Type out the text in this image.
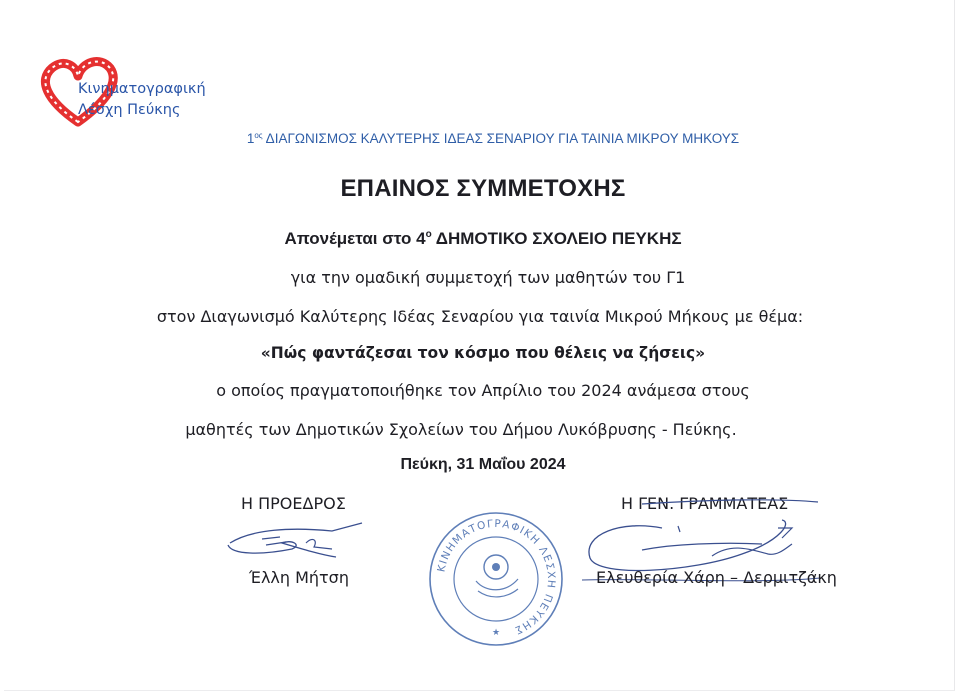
Κινηματογραφική
Λέσχη Πεύκης
$1^{o\varsigma}$ ΔΙΑΓΩΝΙΣΜΟΣ ΚΑΛΥΤΕΡΗΣ ΙΔΕΑΣ ΣΕΝΑΡΙΟΥ ΓΙΑ ΤΑΙΝΙΑ ΜΙΚΡΟΥ ΜΗΚΟΥΣ
ΕΠΑΙΝΟΣ ΣΥΜΜΕΤΟΧΗΣ
Απονέμεται στο $4^o$ ΔΗΜΟΤΙΚΟ ΣΧΟΛΕΙΟ ΠΕΥΚΗΣ
για την ομαδική συμμετοχή των μαθητών του Γ1
στον Διαγωνισμό Καλύτερης Ιδέας Σεναρίου για ταινία Μικρού Μήκους με θέμα:
«Πώς φαντάζεσαι τον κόσμο που θέλεις να ζήσεις»
ο οποίος πραγματοποιήθηκε τον Απρίλιο του 2024 ανάμεσα στους
μαθητές των Δημοτικών Σχολείων του Δήμου Λυκόβρυσης - Πεύκης.
Πεύκη, 31 Μαΐου 2024
Η ΠΡΟΕΔΡΟΣ	Η ΓΕΝ. ΓΡΑΜΜΑΤΕΑΣ
Έλλη Μήτση	Ελευθερία Χάρη – Δερμιτζάκη
ΚΙΝΗΜΑΤΟΓΡΑΦΙΚΗ ΛΕΣΧΗ ΠΕΥΚΗΣ
★
